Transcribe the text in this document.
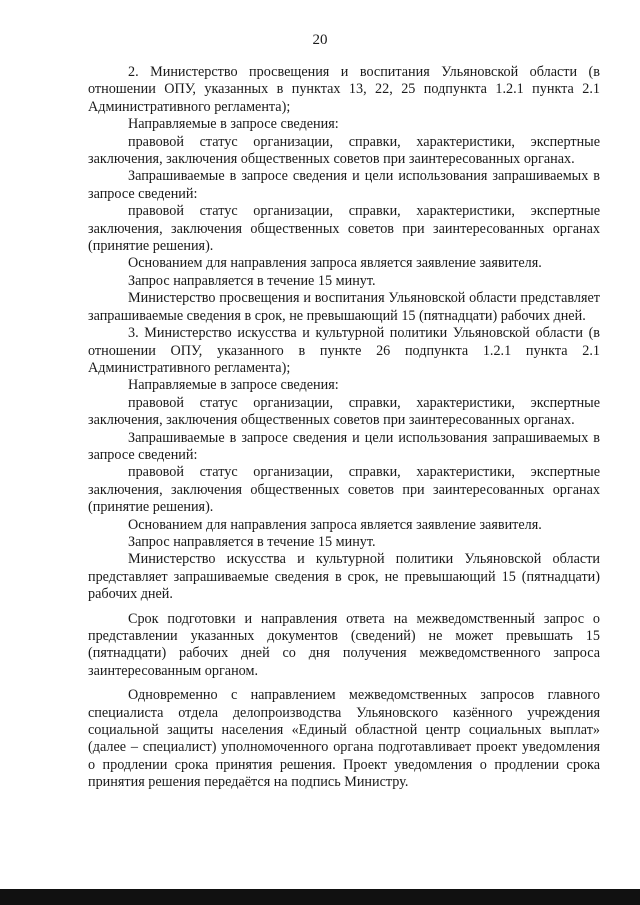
20

2. Министерство просвещения и воспитания Ульяновской области (в отношении ОПУ, указанных в пунктах 13, 22, 25 подпункта 1.2.1 пункта 2.1 Административного регламента);

Направляемые в запросе сведения:

правовой статус организации, справки, характеристики, экспертные заключения, заключения общественных советов при заинтересованных органах.

Запрашиваемые в запросе сведения и цели использования запрашиваемых в запросе сведений:

правовой статус организации, справки, характеристики, экспертные заключения, заключения общественных советов при заинтересованных органах (принятие решения).

Основанием для направления запроса является заявление заявителя.

Запрос направляется в течение 15 минут.

Министерство просвещения и воспитания Ульяновской области представляет запрашиваемые сведения в срок, не превышающий 15 (пятнадцати) рабочих дней.

3. Министерство искусства и культурной политики Ульяновской области (в отношении ОПУ, указанного в пункте 26 подпункта 1.2.1 пункта 2.1 Административного регламента);

Направляемые в запросе сведения:

правовой статус организации, справки, характеристики, экспертные заключения, заключения общественных советов при заинтересованных органах.

Запрашиваемые в запросе сведения и цели использования запрашиваемых в запросе сведений:

правовой статус организации, справки, характеристики, экспертные заключения, заключения общественных советов при заинтересованных органах (принятие решения).

Основанием для направления запроса является заявление заявителя.

Запрос направляется в течение 15 минут.

Министерство искусства и культурной политики Ульяновской области представляет запрашиваемые сведения в срок, не превышающий 15 (пятнадцати) рабочих дней.

Срок подготовки и направления ответа на межведомственный запрос о представлении указанных документов (сведений) не может превышать 15 (пятнадцати) рабочих дней со дня получения межведомственного запроса заинтересованным органом.

Одновременно с направлением межведомственных запросов главного специалиста отдела делопроизводства Ульяновского казённого учреждения социальной защиты населения «Единый областной центр социальных выплат» (далее – специалист) уполномоченного органа подготавливает проект уведомления о продлении срока принятия решения. Проект уведомления о продлении срока принятия решения передаётся на подпись Министру.
